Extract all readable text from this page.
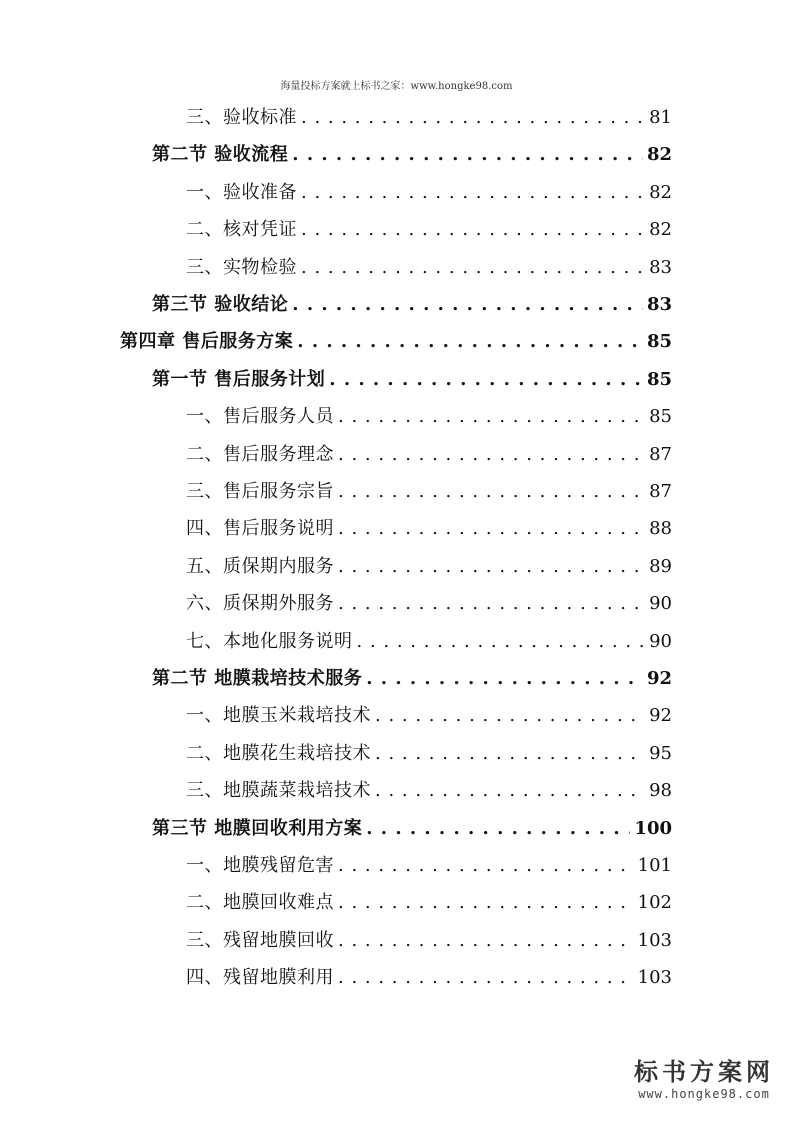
海量投标方案就上标书之家：www.hongke98.com
三、验收标准 . . .	81
第二节 验收流程 . . .	82
一、验收准备 . . .	82
二、核对凭证 . . .	82
三、实物检验 . . .	83
第三节 验收结论 . . .	83
第四章 售后服务方案 . . .	85
第一节 售后服务计划 . . .	85
一、售后服务人员 . . .	85
二、售后服务理念 . . .	87
三、售后服务宗旨 . . .	87
四、售后服务说明 . . .	88
五、质保期内服务 . . .	89
六、质保期外服务 . . .	90
七、本地化服务说明 . . .	90
第二节 地膜栽培技术服务 . . .	92
一、地膜玉米栽培技术 . . .	92
二、地膜花生栽培技术 . . .	95
三、地膜蔬菜栽培技术 . . .	98
第三节 地膜回收利用方案 . . .	100
一、地膜残留危害 . . .	101
二、地膜回收难点 . . .	102
三、残留地膜回收 . . .	103
四、残留地膜利用 . . .	103
标书方案网
www.hongke98.com
